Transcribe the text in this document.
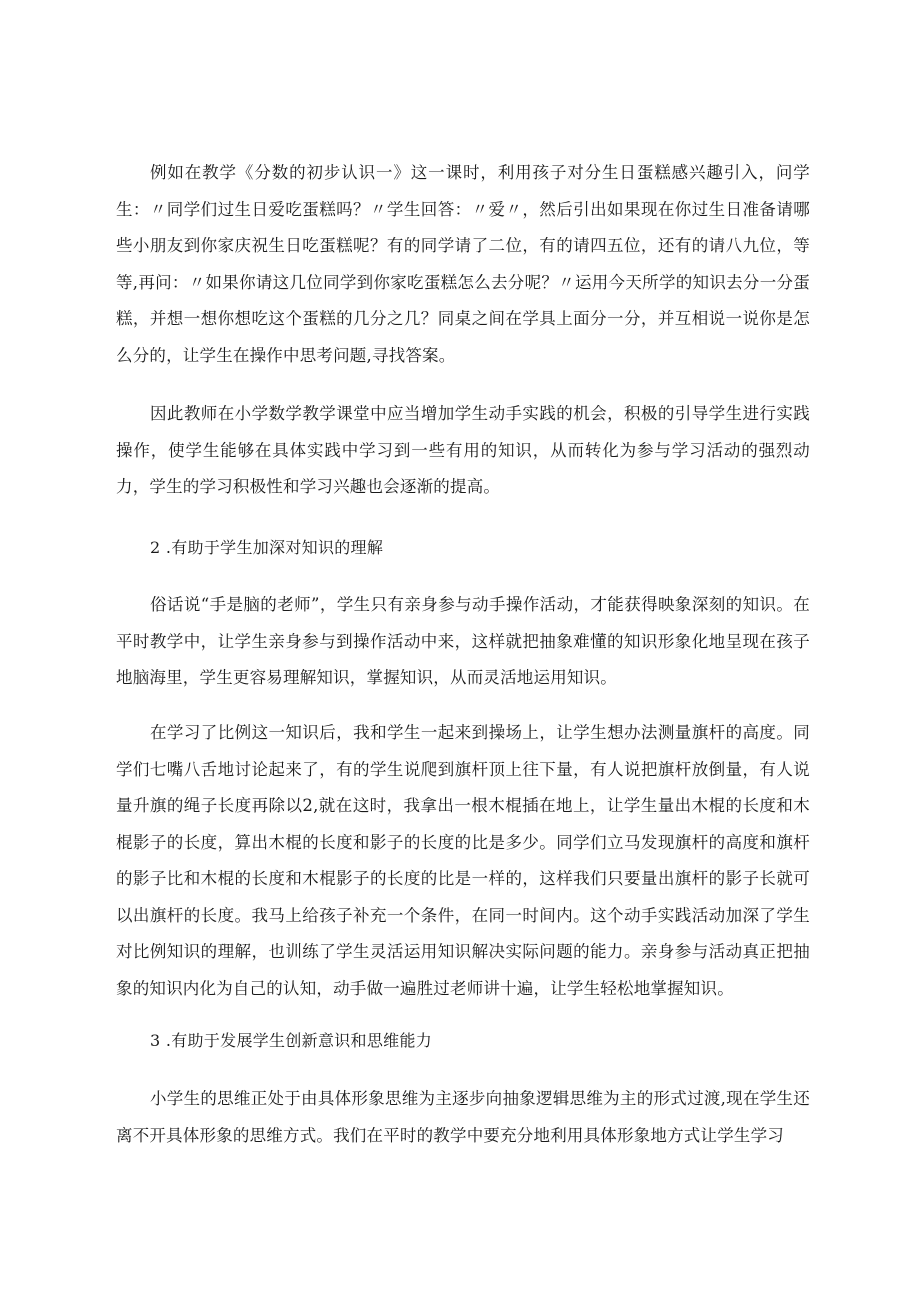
例如在教学《分数的初步认识一》这一课时，利用孩子对分生日蛋糕感兴趣引入，问学生：〃同学们过生日爱吃蛋糕吗？〃学生回答：〃爱〃，然后引出如果现在你过生日准备请哪些小朋友到你家庆祝生日吃蛋糕呢？有的同学请了二位，有的请四五位，还有的请八九位，等等,再问：〃如果你请这几位同学到你家吃蛋糕怎么去分呢？〃运用今天所学的知识去分一分蛋糕，并想一想你想吃这个蛋糕的几分之几？同桌之间在学具上面分一分，并互相说一说你是怎么分的，让学生在操作中思考问题,寻找答案。

因此教师在小学数学教学课堂中应当增加学生动手实践的机会，积极的引导学生进行实践操作，使学生能够在具体实践中学习到一些有用的知识，从而转化为参与学习活动的强烈动力，学生的学习积极性和学习兴趣也会逐渐的提高。

2 .有助于学生加深对知识的理解

俗话说“手是脑的老师”，学生只有亲身参与动手操作活动，才能获得映象深刻的知识。在平时教学中，让学生亲身参与到操作活动中来，这样就把抽象难懂的知识形象化地呈现在孩子地脑海里，学生更容易理解知识，掌握知识，从而灵活地运用知识。

在学习了比例这一知识后，我和学生一起来到操场上，让学生想办法测量旗杆的高度。同学们七嘴八舌地讨论起来了，有的学生说爬到旗杆顶上往下量，有人说把旗杆放倒量，有人说量升旗的绳子长度再除以2,就在这时，我拿出一根木棍插在地上，让学生量出木棍的长度和木棍影子的长度，算出木棍的长度和影子的长度的比是多少。同学们立马发现旗杆的高度和旗杆的影子比和木棍的长度和木棍影子的长度的比是一样的，这样我们只要量出旗杆的影子长就可以出旗杆的长度。我马上给孩子补充一个条件，在同一时间内。这个动手实践活动加深了学生对比例知识的理解，也训练了学生灵活运用知识解决实际问题的能力。亲身参与活动真正把抽象的知识内化为自己的认知，动手做一遍胜过老师讲十遍，让学生轻松地掌握知识。

3 .有助于发展学生创新意识和思维能力

小学生的思维正处于由具体形象思维为主逐步向抽象逻辑思维为主的形式过渡,现在学生还离不开具体形象的思维方式。我们在平时的教学中要充分地利用具体形象地方式让学生学习
